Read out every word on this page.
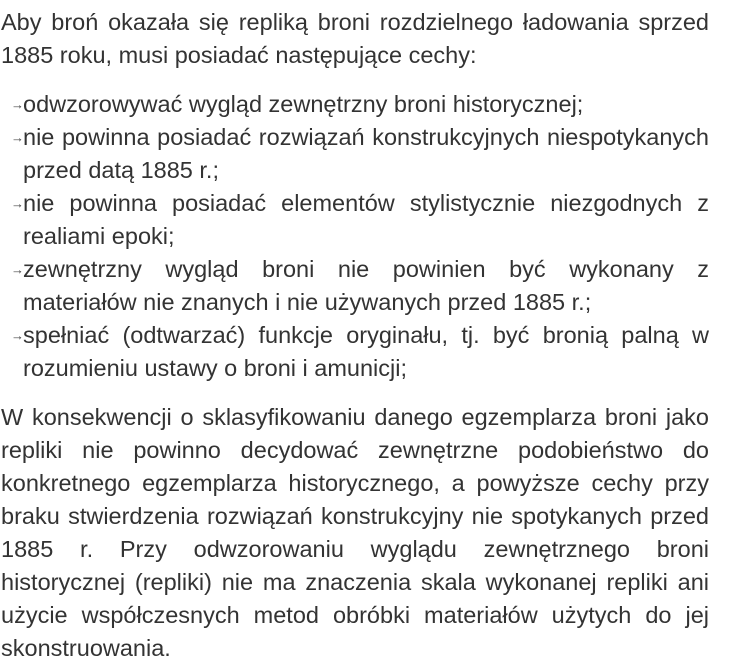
Aby broń okazała się repliką broni rozdzielnego ładowania sprzed 1885 roku, musi posiadać następujące cechy:

→ odwzorowywać wygląd zewnętrzny broni historycznej;
→ nie powinna posiadać rozwiązań konstrukcyjnych niespotykanych przed datą 1885 r.;
→ nie powinna posiadać elementów stylistycznie niezgodnych z realiami epoki;
→ zewnętrzny wygląd broni nie powinien być wykonany z materiałów nie znanych i nie używanych przed 1885 r.;
→ spełniać (odtwarzać) funkcje oryginału, tj. być bronią palną w rozumieniu ustawy o broni i amunicji;

W konsekwencji o sklasyfikowaniu danego egzemplarza broni jako repliki nie powinno decydować zewnętrzne podobieństwo do konkretnego egzemplarza historycznego, a powyższe cechy przy braku stwierdzenia rozwiązań konstrukcyjny nie spotykanych przed 1885 r. Przy odwzorowaniu wyglądu zewnętrznego broni historycznej (repliki) nie ma znaczenia skala wykonanej repliki ani użycie współczesnych metod obróbki materiałów użytych do jej skonstruowania.
